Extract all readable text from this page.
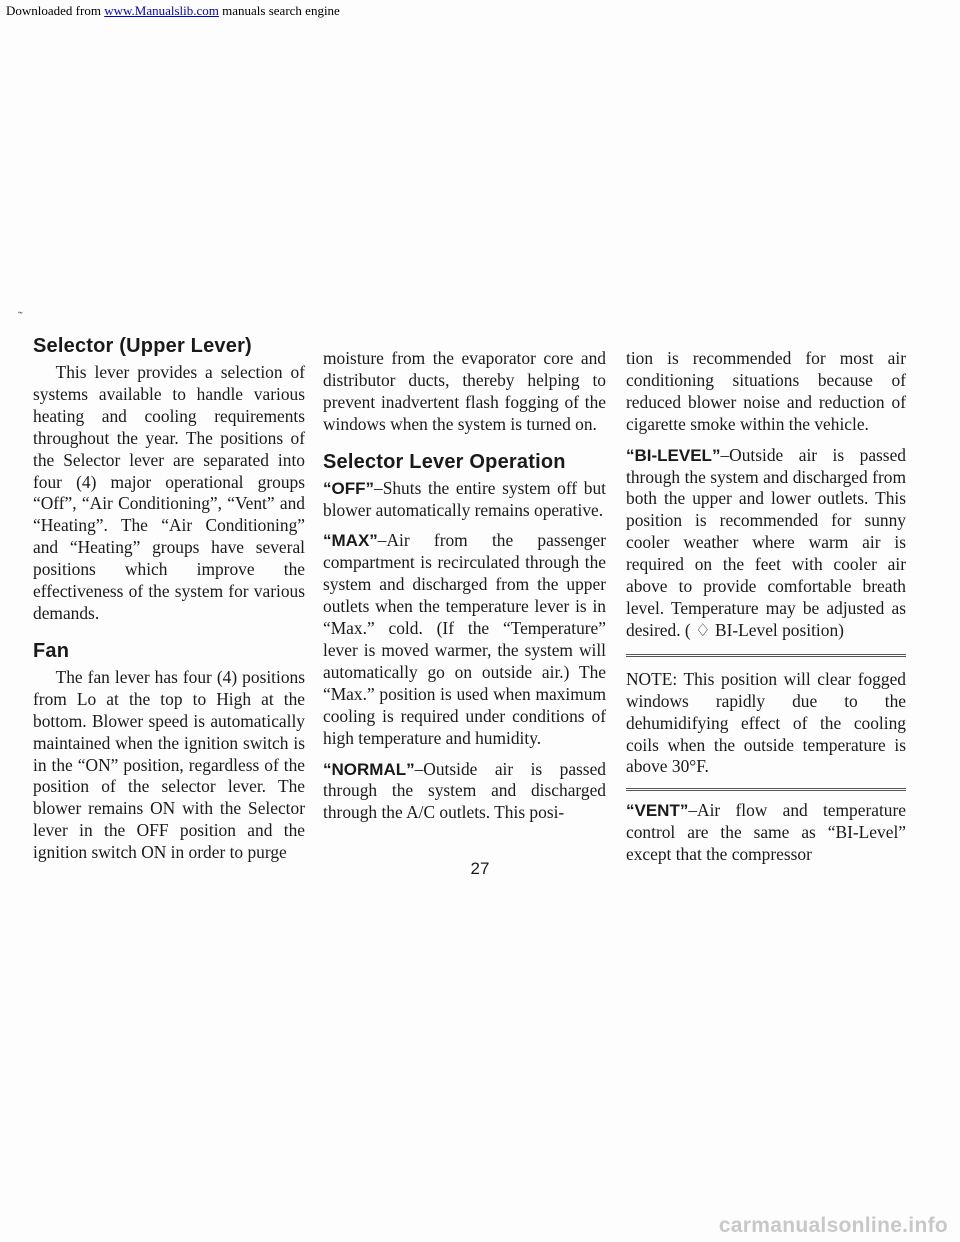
Downloaded from www.Manualslib.com manuals search engine
˜
Selector (Upper Lever)

This lever provides a selection of systems available to handle various heating and cooling requirements throughout the year. The positions of the Selector lever are separated into four (4) major operational groups “Off”, “Air Conditioning”, “Vent” and “Heating”. The “Air Conditioning” and “Heating” groups have several positions which improve the effectiveness of the system for various demands.

Fan

The fan lever has four (4) positions from Lo at the top to High at the bottom. Blower speed is automatically maintained when the ignition switch is in the “ON” position, regardless of the position of the selector lever. The blower remains ON with the Selector lever in the OFF position and the ignition switch ON in order to purge

moisture from the evaporator core and distributor ducts, thereby helping to prevent inadvertent flash fogging of the windows when the system is turned on.

Selector Lever Operation

“OFF”–Shuts the entire system off but blower automatically remains operative.

“MAX”–Air from the passenger compartment is recirculated through the system and discharged from the upper outlets when the temperature lever is in “Max.” cold. (If the “Temperature” lever is moved warmer, the system will automatically go on outside air.) The “Max.” position is used when maximum cooling is required under conditions of high temperature and humidity.

“NORMAL”–Outside air is passed through the system and discharged through the A/C outlets. This posi-

tion is recommended for most air conditioning situations because of reduced blower noise and reduction of cigarette smoke within the vehicle.

“BI-LEVEL”–Outside air is passed through the system and discharged from both the upper and lower outlets. This position is recommended for sunny cooler weather where warm air is required on the feet with cooler air above to provide comfortable breath level. Temperature may be adjusted as desired. ( ♢ BI-Level position)

NOTE: This position will clear fogged windows rapidly due to the dehumidifying effect of the cooling coils when the outside temperature is above 30°F.

“VENT”–Air flow and temperature control are the same as “BI-Level” except that the compressor

27
carmanualsonline.info
